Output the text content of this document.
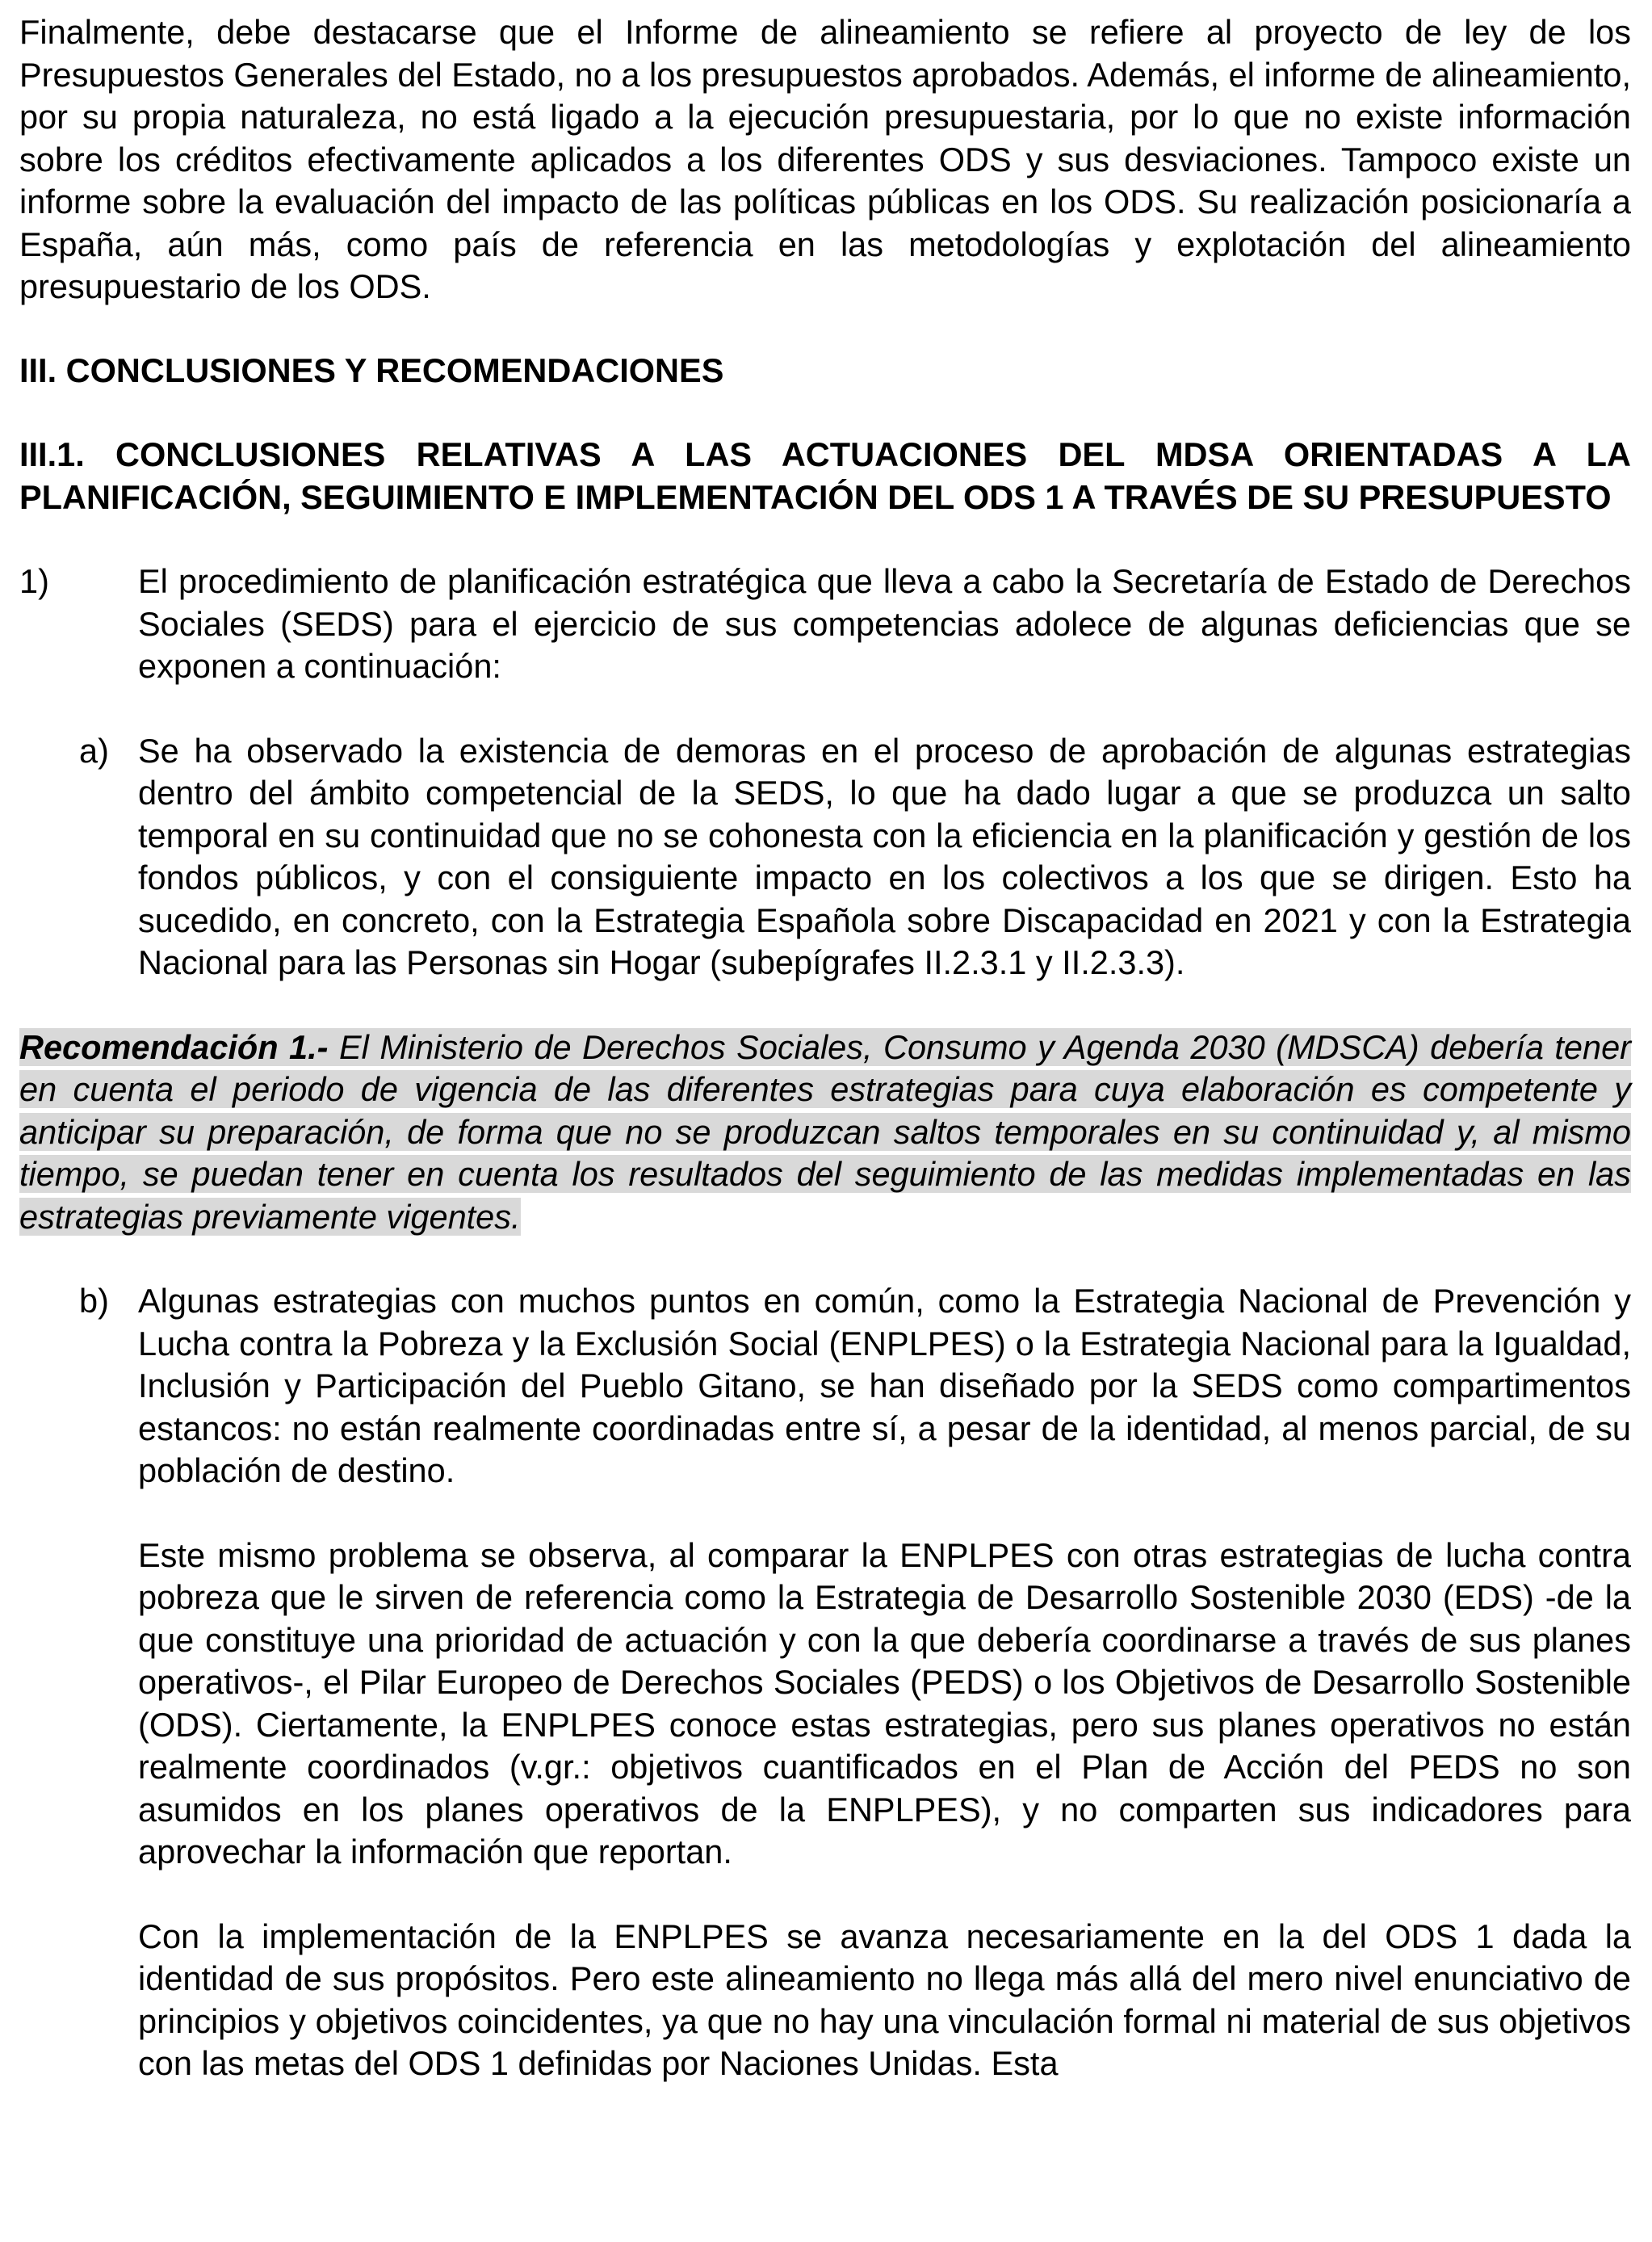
Finalmente, debe destacarse que el Informe de alineamiento se refiere al proyecto de ley de los Presupuestos Generales del Estado, no a los presupuestos aprobados. Además, el informe de alineamiento, por su propia naturaleza, no está ligado a la ejecución presupuestaria, por lo que no existe información sobre los créditos efectivamente aplicados a los diferentes ODS y sus desviaciones. Tampoco existe un informe sobre la evaluación del impacto de las políticas públicas en los ODS. Su realización posicionaría a España, aún más, como país de referencia en las metodologías y explotación del alineamiento presupuestario de los ODS.

III. CONCLUSIONES Y RECOMENDACIONES
III.1. CONCLUSIONES RELATIVAS A LAS ACTUACIONES DEL MDSA ORIENTADAS A LA PLANIFICACIÓN, SEGUIMIENTO E IMPLEMENTACIÓN DEL ODS 1 A TRAVÉS DE SU PRESUPUESTO
1)	El procedimiento de planificación estratégica que lleva a cabo la Secretaría de Estado de Derechos Sociales (SEDS) para el ejercicio de sus competencias adolece de algunas deficiencias que se exponen a continuación:
a) Se ha observado la existencia de demoras en el proceso de aprobación de algunas estrategias dentro del ámbito competencial de la SEDS, lo que ha dado lugar a que se produzca un salto temporal en su continuidad que no se cohonesta con la eficiencia en la planificación y gestión de los fondos públicos, y con el consiguiente impacto en los colectivos a los que se dirigen. Esto ha sucedido, en concreto, con la Estrategia Española sobre Discapacidad en 2021 y con la Estrategia Nacional para las Personas sin Hogar (subepígrafes II.2.3.1 y II.2.3.3).

Recomendación 1.- El Ministerio de Derechos Sociales, Consumo y Agenda 2030 (MDSCA) debería tener en cuenta el periodo de vigencia de las diferentes estrategias para cuya elaboración es competente y anticipar su preparación, de forma que no se produzcan saltos temporales en su continuidad y, al mismo tiempo, se puedan tener en cuenta los resultados del seguimiento de las medidas implementadas en las estrategias previamente vigentes.

b) Algunas estrategias con muchos puntos en común, como la Estrategia Nacional de Prevención y Lucha contra la Pobreza y la Exclusión Social (ENPLPES) o la Estrategia Nacional para la Igualdad, Inclusión y Participación del Pueblo Gitano, se han diseñado por la SEDS como compartimentos estancos: no están realmente coordinadas entre sí, a pesar de la identidad, al menos parcial, de su población de destino.

Este mismo problema se observa, al comparar la ENPLPES con otras estrategias de lucha contra pobreza que le sirven de referencia como la Estrategia de Desarrollo Sostenible 2030 (EDS) -de la que constituye una prioridad de actuación y con la que debería coordinarse a través de sus planes operativos-, el Pilar Europeo de Derechos Sociales (PEDS) o los Objetivos de Desarrollo Sostenible (ODS). Ciertamente, la ENPLPES conoce estas estrategias, pero sus planes operativos no están realmente coordinados (v.gr.: objetivos cuantificados en el Plan de Acción del PEDS no son asumidos en los planes operativos de la ENPLPES), y no comparten sus indicadores para aprovechar la información que reportan.

Con la implementación de la ENPLPES se avanza necesariamente en la del ODS 1 dada la identidad de sus propósitos. Pero este alineamiento no llega más allá del mero nivel enunciativo de principios y objetivos coincidentes, ya que no hay una vinculación formal ni material de sus objetivos con las metas del ODS 1 definidas por Naciones Unidas. Esta
